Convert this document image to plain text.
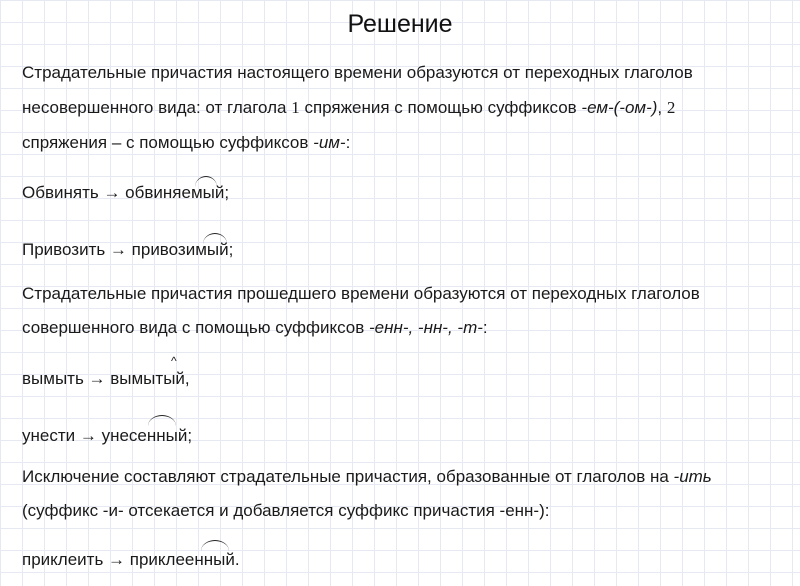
Решение
Страдательные причастия настоящего времени образуются от переходных глаголов
несовершенного вида: от глагола 1 спряжения с помощью суффиксов -ем-(-ом-), 2
спряжения – с помощью суффиксов -им-:
Обвинять → обвиняемый;
Привозить → привозимый;
Страдательные причастия прошедшего времени образуются от переходных глаголов
совершенного вида с помощью суффиксов -енн-, -нн-, -т-:
^
вымыть → вымытый,
унести → унесенный;
Исключение составляют страдательные причастия, образованные от глаголов на -ить
(суффикс -и- отсекается и добавляется суффикс причастия -енн-):
приклеить → приклеенный.
